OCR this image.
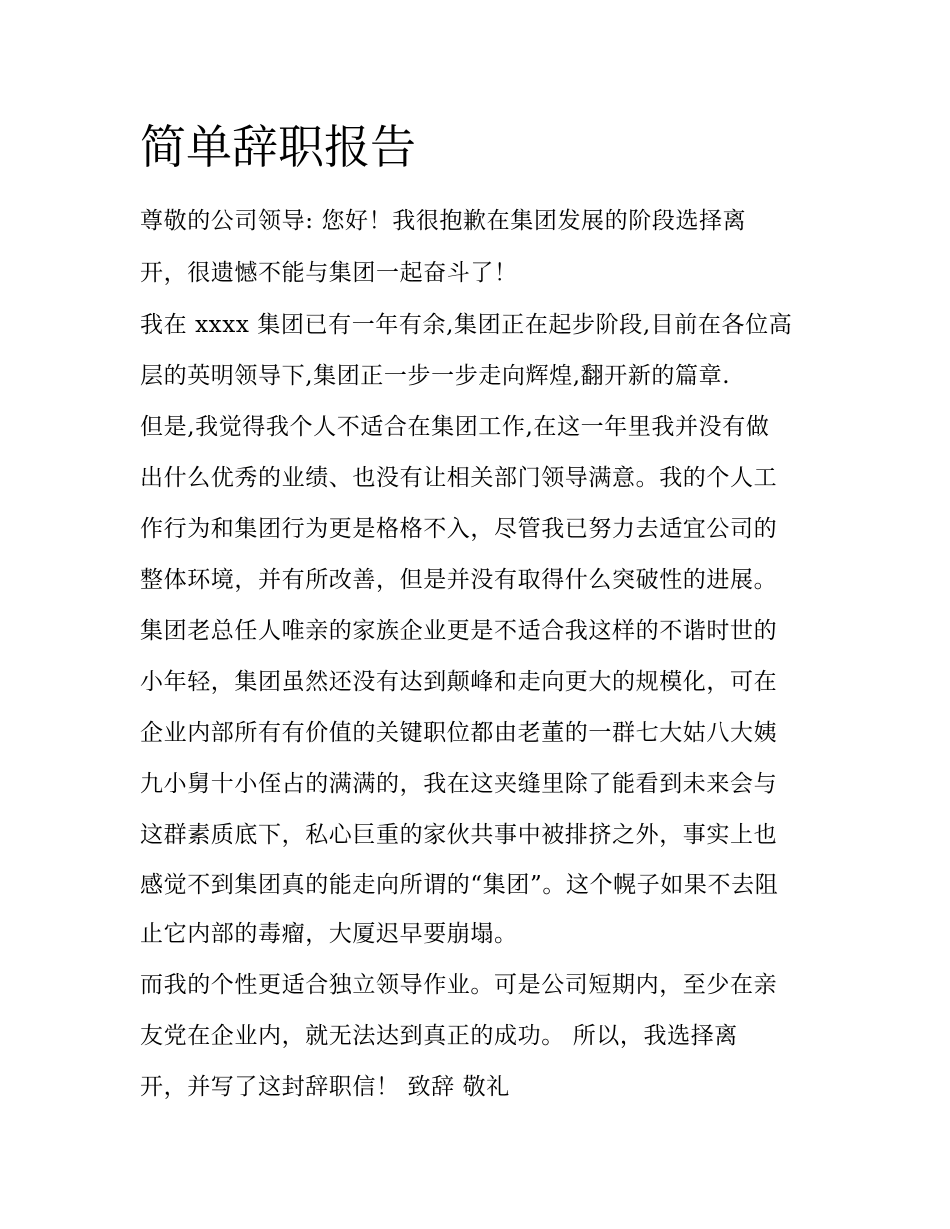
简单辞职报告
尊敬的公司领导: 您好！我很抱歉在集团发展的阶段选择离
开，很遗憾不能与集团一起奋斗了！
我在 xxxx 集团已有一年有余,集团正在起步阶段,目前在各位高
层的英明领导下,集团正一步一步走向辉煌,翻开新的篇章.
但是,我觉得我个人不适合在集团工作,在这一年里我并没有做
出什么优秀的业绩、也没有让相关部门领导满意。我的个人工
作行为和集团行为更是格格不入，尽管我已努力去适宜公司的
整体环境，并有所改善，但是并没有取得什么突破性的进展。
集团老总任人唯亲的家族企业更是不适合我这样的不谐时世的
小年轻，集团虽然还没有达到颠峰和走向更大的规模化，可在
企业内部所有有价值的关键职位都由老董的一群七大姑八大姨
九小舅十小侄占的满满的，我在这夹缝里除了能看到未来会与
这群素质底下，私心巨重的家伙共事中被排挤之外，事实上也
感觉不到集团真的能走向所谓的“集团”。这个幌子如果不去阻
止它内部的毒瘤，大厦迟早要崩塌。
而我的个性更适合独立领导作业。可是公司短期内，至少在亲
友党在企业内，就无法达到真正的成功。 所以，我选择离
开，并写了这封辞职信！ 致辞 敬礼
